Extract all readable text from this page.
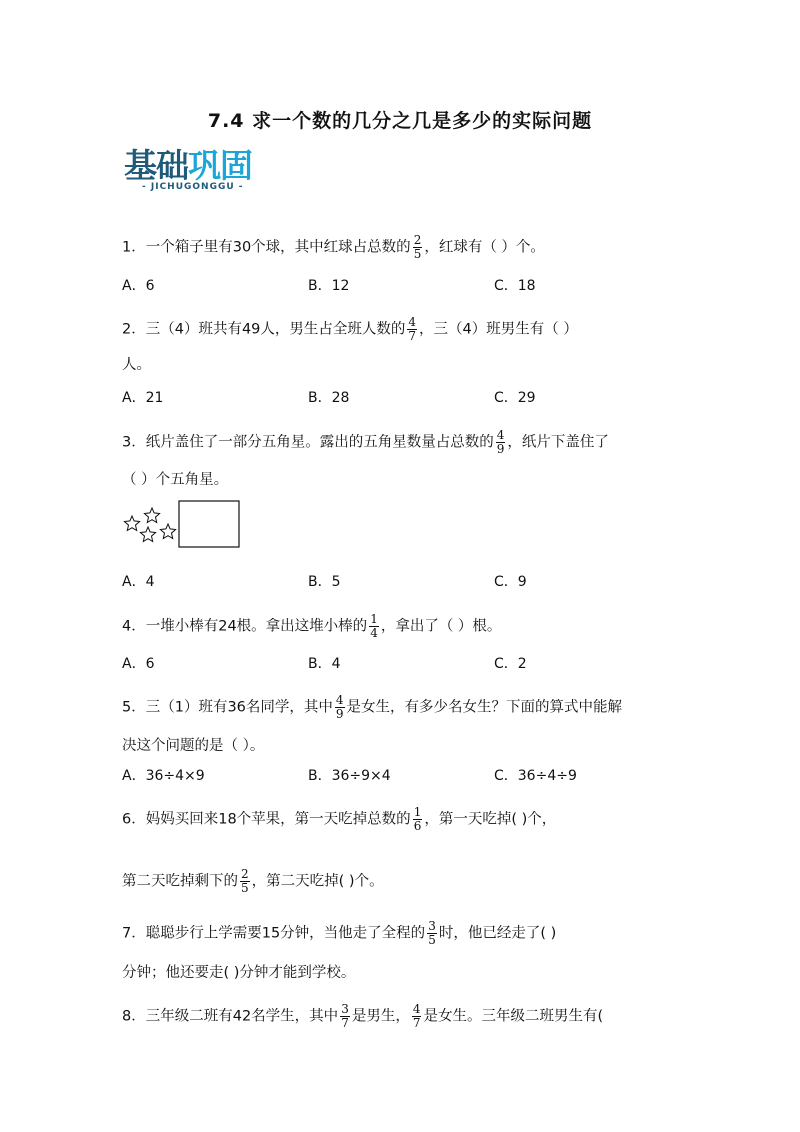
7.4 求一个数的几分之几是多少的实际问题
基础巩固
- JICHUGONGGU -
1．一个箱子里有30个球，其中红球占总数的 $\frac{2}{5}$ ，红球有（ ）个。
A．6	B．12	C．18
2．三（4）班共有49人，男生占全班人数的 $\frac{4}{7}$ ，三（4）班男生有（ ）
人。
A．21	B．28	C．29
3．纸片盖住了一部分五角星。露出的五角星数量占总数的 $\frac{4}{9}$ ，纸片下盖住了
（ ）个五角星。
A．4	B．5	C．9
4．一堆小棒有24根。拿出这堆小棒的 $\frac{1}{4}$ ，拿出了（ ）根。
A．6	B．4	C．2
5．三（1）班有36名同学，其中 $\frac{4}{9}$ 是女生，有多少名女生？下面的算式中能解
决这个问题的是（ ）。
A．36÷4×9	B．36÷9×4	C．36÷4÷9
6．妈妈买回来18个苹果，第一天吃掉总数的 $\frac{1}{6}$ ，第一天吃掉( )个，
第二天吃掉剩下的 $\frac{2}{5}$ ，第二天吃掉( )个。
7．聪聪步行上学需要15分钟，当他走了全程的 $\frac{3}{5}$ 时，他已经走了( )
分钟；他还要走( )分钟才能到学校。
8．三年级二班有42名学生，其中 $\frac{3}{7}$ 是男生， $\frac{4}{7}$ 是女生。三年级二班男生有(
